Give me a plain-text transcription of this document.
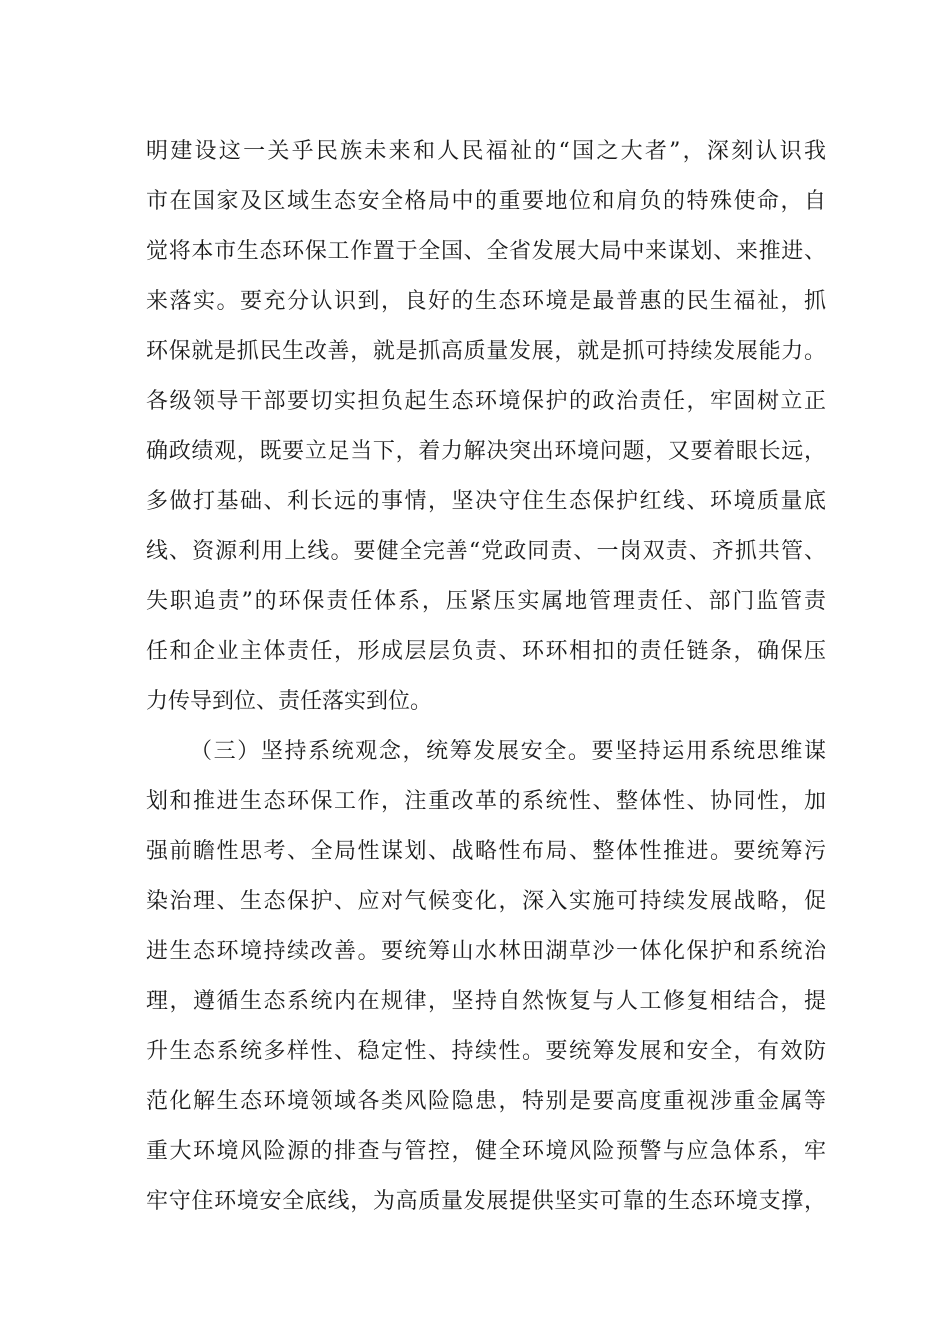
明建设这一关乎民族未来和人民福祉的“国之大者”，深刻认识我
市在国家及区域生态安全格局中的重要地位和肩负的特殊使命，自
觉将本市生态环保工作置于全国、全省发展大局中来谋划、来推进、
来落实。要充分认识到，良好的生态环境是最普惠的民生福祉，抓
环保就是抓民生改善，就是抓高质量发展，就是抓可持续发展能力。
各级领导干部要切实担负起生态环境保护的政治责任，牢固树立正
确政绩观，既要立足当下，着力解决突出环境问题，又要着眼长远，
多做打基础、利长远的事情，坚决守住生态保护红线、环境质量底
线、资源利用上线。要健全完善“党政同责、一岗双责、齐抓共管、
失职追责”的环保责任体系，压紧压实属地管理责任、部门监管责
任和企业主体责任，形成层层负责、环环相扣的责任链条，确保压
力传导到位、责任落实到位。
（三）坚持系统观念，统筹发展安全。要坚持运用系统思维谋
划和推进生态环保工作，注重改革的系统性、整体性、协同性，加
强前瞻性思考、全局性谋划、战略性布局、整体性推进。要统筹污
染治理、生态保护、应对气候变化，深入实施可持续发展战略，促
进生态环境持续改善。要统筹山水林田湖草沙一体化保护和系统治
理，遵循生态系统内在规律，坚持自然恢复与人工修复相结合，提
升生态系统多样性、稳定性、持续性。要统筹发展和安全，有效防
范化解生态环境领域各类风险隐患，特别是要高度重视涉重金属等
重大环境风险源的排查与管控，健全环境风险预警与应急体系，牢
牢守住环境安全底线，为高质量发展提供坚实可靠的生态环境支撑，
